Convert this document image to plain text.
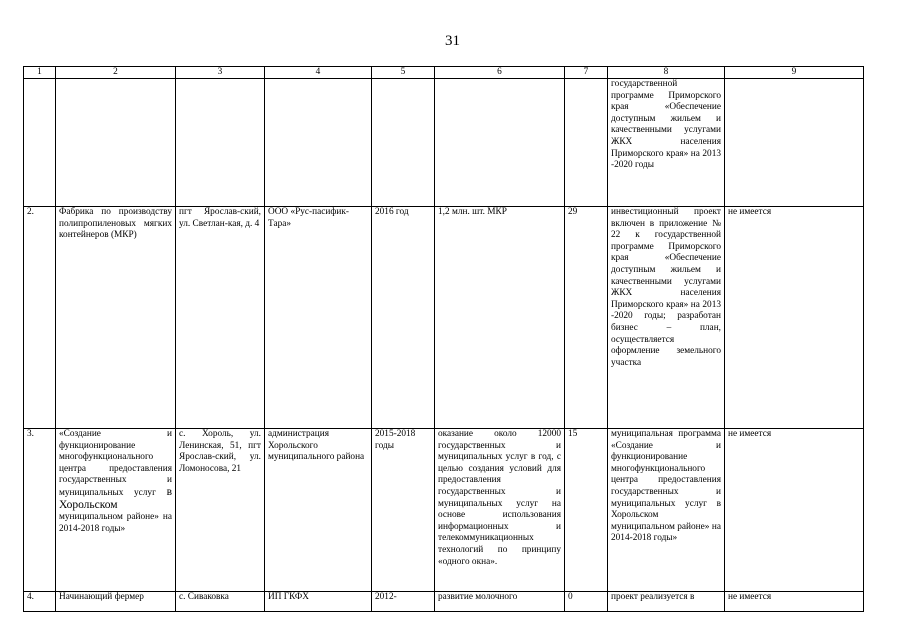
31
1	2	3	4	5	6	7	8	9
							государственной программе Приморского края «Обеспечение доступным жильем и качественными услугами ЖКХ населения Приморского края» на 2013 -2020 годы	
2.	Фабрика по производству полипропиленовых мягких контейнеров (МКР)	пгт Ярослав-ский, ул. Светлан-кая, д. 4	ООО «Рус-пасифик-Тара»	2016 год	1,2 млн. шт. МКР	29	инвестиционный проект включен в приложение № 22 к государственной программе Приморского края «Обеспечение доступным жильем и качественными услугами ЖКХ населения Приморского края» на 2013 -2020 годы; разработан бизнес – план, осуществляется оформление земельного участка	не имеется
3.	«Создание и функционирование многофункционального центра предоставления государственных и муниципальных услуг в Хорольском муниципальном районе» на 2014-2018 годы»	с. Хороль, ул. Ленинская, 51, пгт Ярослав-ский, ул. Ломоносова, 21	администрация Хорольского муниципального района	2015-2018 годы	оказание около 12000 государственных и муниципальных услуг в год, с целью создания условий для предоставления государственных и муниципальных услуг на основе использования информационных и телекоммуникационных технологий по принципу «одного окна».	15	муниципальная программа «Создание и функционирование многофункционального центра предоставления государственных и муниципальных услуг в Хорольском муниципальном районе» на 2014-2018 годы»	не имеется
4.	Начинающий фермер	с. Сиваковка	ИП ГКФХ	2012-	развитие молочного	0	проект реализуется в	не имеется
